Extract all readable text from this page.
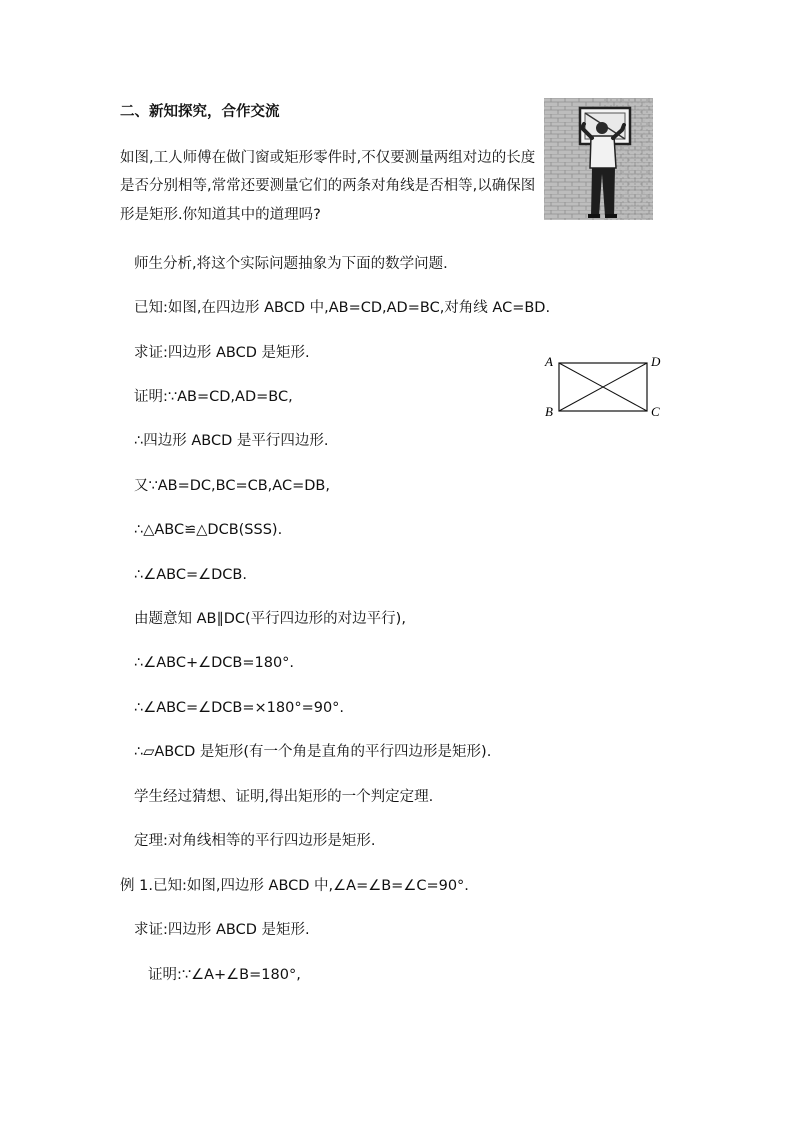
二、新知探究，合作交流
如图,工人师傅在做门窗或矩形零件时,不仅要测量两组对边的长度
是否分别相等,常常还要测量它们的两条对角线是否相等,以确保图
形是矩形.你知道其中的道理吗?
师生分析,将这个实际问题抽象为下面的数学问题.
已知:如图,在四边形 ABCD 中,AB=CD,AD=BC,对角线 AC=BD.
求证:四边形 ABCD 是矩形.
A	D
B	C
证明:∵AB=CD,AD=BC,
∴四边形 ABCD 是平行四边形.
又∵AB=DC,BC=CB,AC=DB,
∴△ABC≌△DCB(SSS).
∴∠ABC=∠DCB.
由题意知 AB∥DC(平行四边形的对边平行),
∴∠ABC+∠DCB=180°.
∴∠ABC=∠DCB=×180°=90°.
∴▱ABCD 是矩形(有一个角是直角的平行四边形是矩形).
学生经过猜想、证明,得出矩形的一个判定定理.
定理:对角线相等的平行四边形是矩形.
例 1.已知:如图,四边形 ABCD 中,∠A=∠B=∠C=90°.
求证:四边形 ABCD 是矩形.
证明:∵∠A+∠B=180°,
